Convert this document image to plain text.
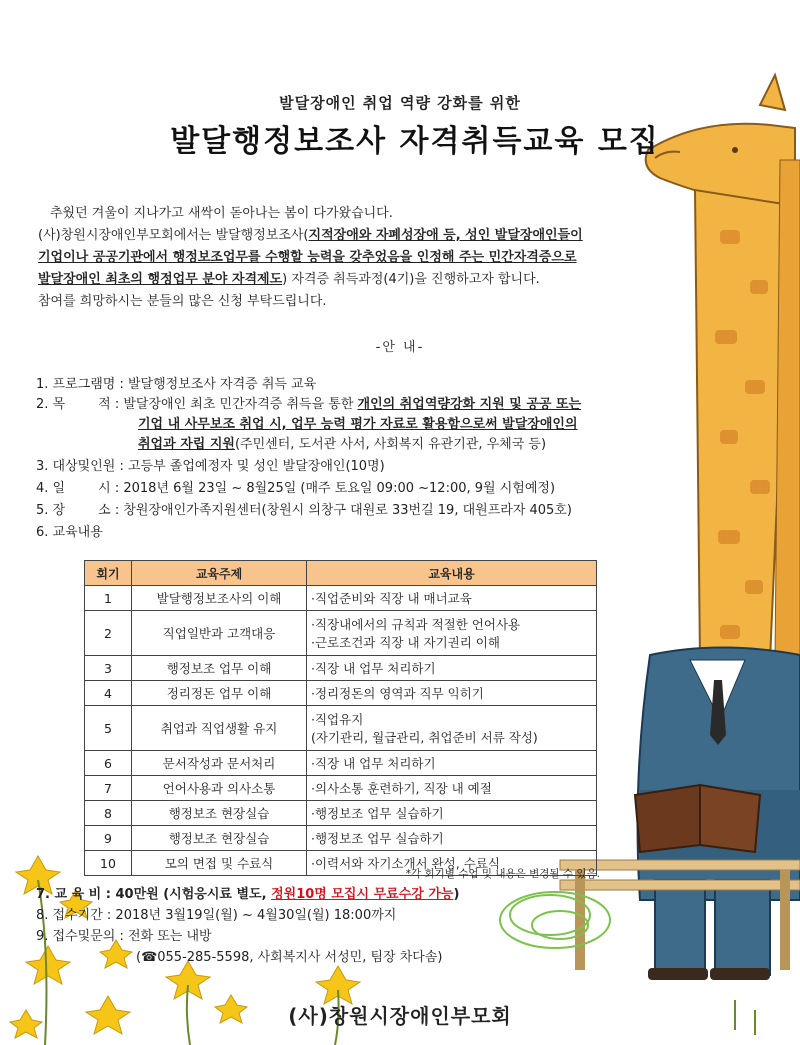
발달장애인 취업 역량 강화를 위한
발달행정보조사 자격취득교육 모집

추웠던 겨울이 지나가고 새싹이 돋아나는 봄이 다가왔습니다.

(사)창원시장애인부모회에서는 발달행정보조사(지적장애와 자폐성장애 등, 성인 발달장애인들이

기업이나 공공기관에서 행정보조업무를 수행할 능력을 갖추었음을 인정해 주는 민간자격증으로

발달장애인 최초의 행정업무 분야 자격제도) 자격증 취득과정(4기)을 진행하고자 합니다.

참여를 희망하시는 분들의 많은 신청 부탁드립니다.

-안 내-
1. 프로그램명 : 발달행정보조사 자격증 취득 교육
2. 목        적 : 발달장애인 최초 민간자격증 취득을 통한 개인의 취업역량강화 지원 및 공공 또는
기업 내 사무보조 취업 시, 업무 능력 평가 자료로 활용함으로써 발달장애인의
취업과 자립 지원(주민센터, 도서관 사서, 사회복지 유관기관, 우체국 등)
3. 대상및인원 : 고등부 졸업예정자 및 성인 발달장애인(10명)
4. 일        시 : 2018년 6월 23일 ~ 8월25일 (매주 토요일 09:00 ~12:00, 9월 시험예정)
5. 장        소 : 창원장애인가족지원센터(창원시 의창구 대원로 33번길 19, 대원프라자 405호)
6. 교육내용
회기	교육주제	교육내용
1	발달행정보조사의 이해	·직업준비와 직장 내 매너교육

2	직업일반과 고객대응	·직장내에서의 규칙과 적절한 언어사용
·근로조건과 직장 내 자기권리 이해

3	행정보조 업무 이해	·직장 내 업무 처리하기

4	정리정돈 업무 이해	·정리정돈의 영역과 직무 익히기

5	취업과 직업생활 유지	·직업유지
(자기관리, 월급관리, 취업준비 서류 작성)

6	문서작성과 문서처리	·직장 내 업무 처리하기

7	언어사용과 의사소통	·의사소통 훈련하기, 직장 내 예절

8	행정보조 현장실습	·행정보조 업무 실습하기

9	행정보조 현장실습	·행정보조 업무 실습하기

10	모의 면접 및 수료식	·이력서와 자기소개서 완성, 수료식
*각 회기별 수업 및 내용은 변경될 수 있음.
7. 교 육 비 : 40만원 (시험응시료 별도, 정원10명 모집시 무료수강 가능)
8. 접수기간 : 2018년 3월19일(월) ~ 4월30일(월) 18:00까지
9. 접수및문의 : 전화 또는 내방
(☎055-285-5598, 사회복지사 서성민, 팀장 차다솜)
(사)창원시장애인부모회
